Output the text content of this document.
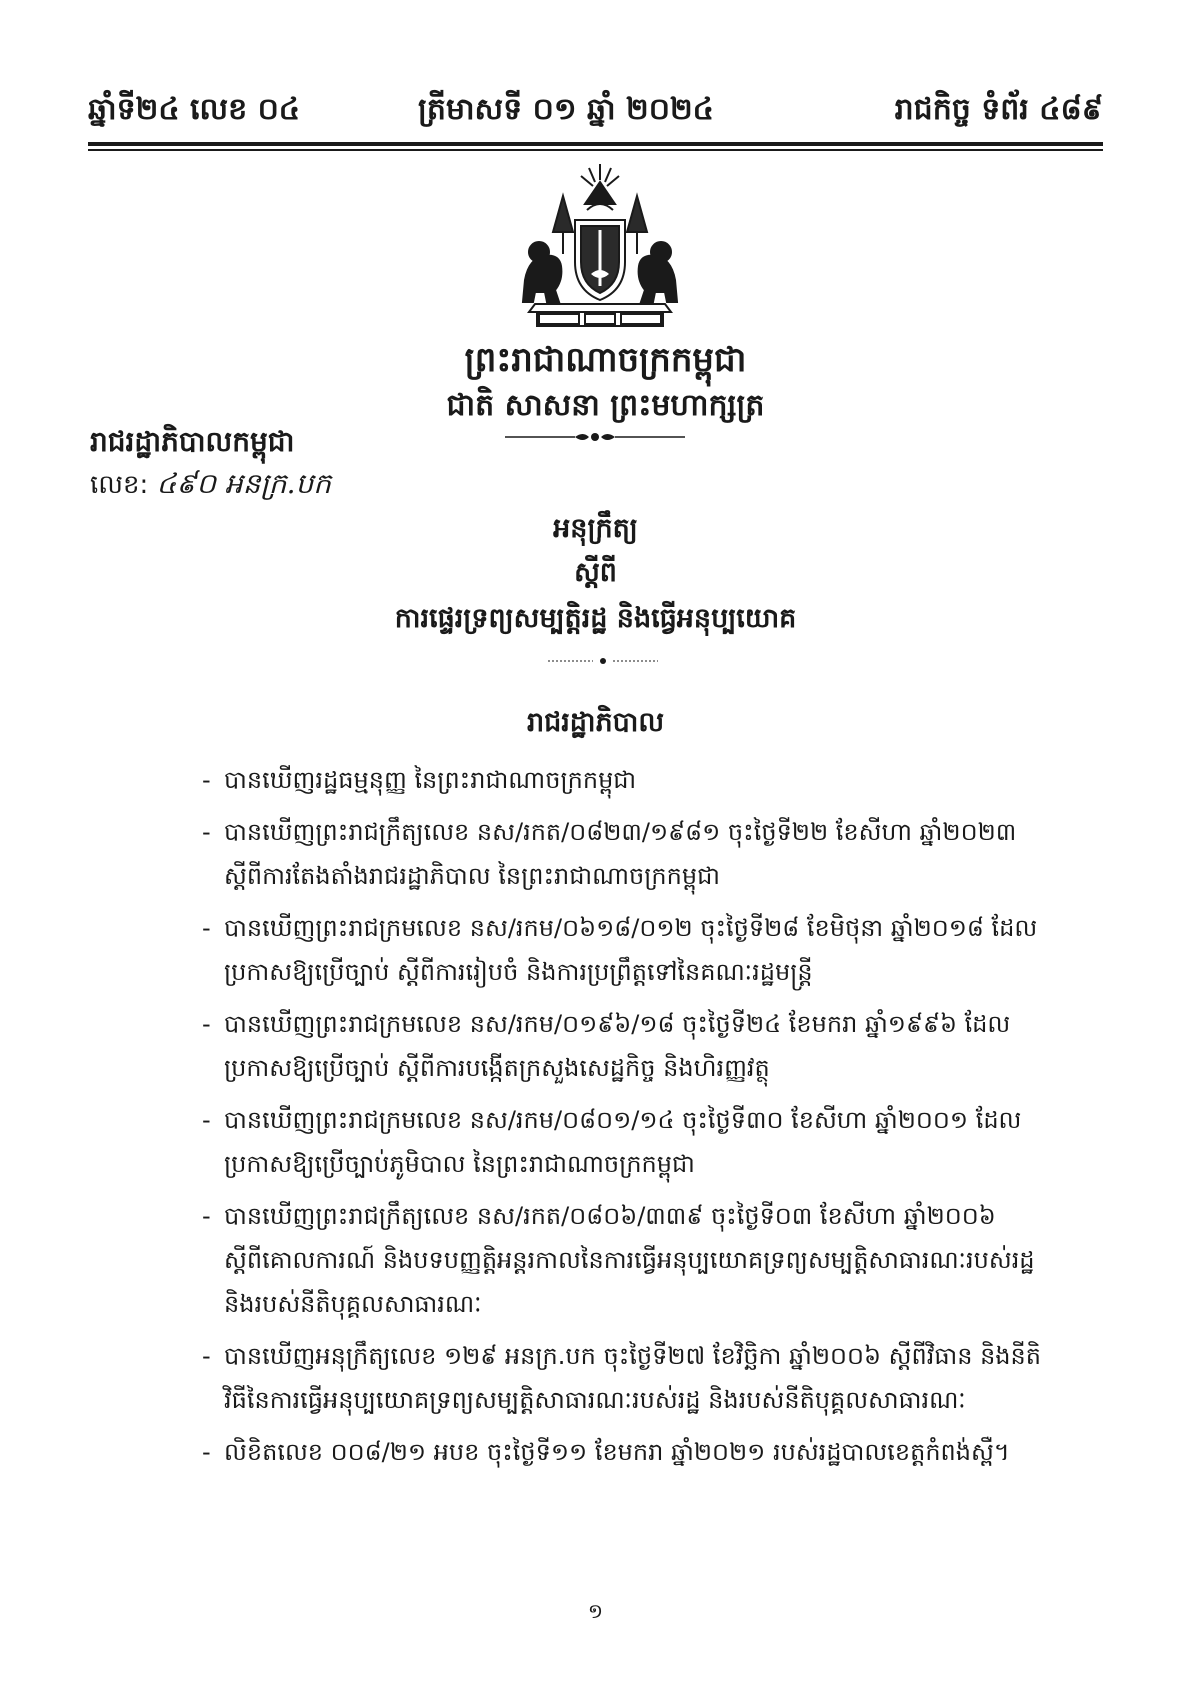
ឆ្នាំទី២៤ លេខ ០៤	ត្រីមាសទី ០១ ឆ្នាំ ២០២៤	រាជកិច្ច ទំព័រ ៤៨៩
ព្រះរាជាណាចក្រកម្ពុជា
ជាតិ សាសនា ព្រះមហាក្សត្រ
រាជរដ្ឋាភិបាលកម្ពុជា
លេខ: ៤៩០ អនក្រ.បក
អនុក្រឹត្យ
ស្តីពី
ការផ្ទេរទ្រព្យសម្បត្តិរដ្ឋ និងធ្វើអនុប្បយោគ
រាជរដ្ឋាភិបាល
- បានឃើញរដ្ឋធម្មនុញ្ញ នៃព្រះរាជាណាចក្រកម្ពុជា
- បានឃើញព្រះរាជក្រឹត្យលេខ នស/រកត/០៨២៣/១៩៨១ ចុះថ្ងៃទី២២ ខែសីហា ឆ្នាំ២០២៣ ស្តីពីការតែងតាំងរាជរដ្ឋាភិបាល នៃព្រះរាជាណាចក្រកម្ពុជា
- បានឃើញព្រះរាជក្រមលេខ នស/រកម/០៦១៨/០១២ ចុះថ្ងៃទី២៨ ខែមិថុនា ឆ្នាំ២០១៨ ដែលប្រកាសឱ្យប្រើច្បាប់ ស្តីពីការរៀបចំ និងការប្រព្រឹត្តទៅនៃគណៈរដ្ឋមន្ត្រី
- បានឃើញព្រះរាជក្រមលេខ នស/រកម/០១៩៦/១៨ ចុះថ្ងៃទី២៤ ខែមករា ឆ្នាំ១៩៩៦ ដែលប្រកាសឱ្យប្រើច្បាប់ ស្តីពីការបង្កើតក្រសួងសេដ្ឋកិច្ច និងហិរញ្ញវត្ថុ
- បានឃើញព្រះរាជក្រមលេខ នស/រកម/០៨០១/១៤ ចុះថ្ងៃទី៣០ ខែសីហា ឆ្នាំ២០០១ ដែលប្រកាសឱ្យប្រើច្បាប់ភូមិបាល នៃព្រះរាជាណាចក្រកម្ពុជា
- បានឃើញព្រះរាជក្រឹត្យលេខ នស/រកត/០៨០៦/៣៣៩ ចុះថ្ងៃទី០៣ ខែសីហា ឆ្នាំ២០០៦ ស្តីពីគោលការណ៍ និងបទបញ្ញត្តិអន្តរកាលនៃការធ្វើអនុប្បយោគទ្រព្យសម្បត្តិសាធារណៈរបស់រដ្ឋ និងរបស់នីតិបុគ្គលសាធារណៈ
- បានឃើញអនុក្រឹត្យលេខ ១២៩ អនក្រ.បក ចុះថ្ងៃទី២៧ ខែវិច្ឆិកា ឆ្នាំ២០០៦ ស្តីពីវិធាន និងនីតិវិធីនៃការធ្វើអនុប្បយោគទ្រព្យសម្បត្តិសាធារណៈរបស់រដ្ឋ និងរបស់នីតិបុគ្គលសាធារណៈ
- លិខិតលេខ ០០៨/២១ អបខ ចុះថ្ងៃទី១១ ខែមករា ឆ្នាំ២០២១ របស់រដ្ឋបាលខេត្តកំពង់ស្ពឺ។
១
